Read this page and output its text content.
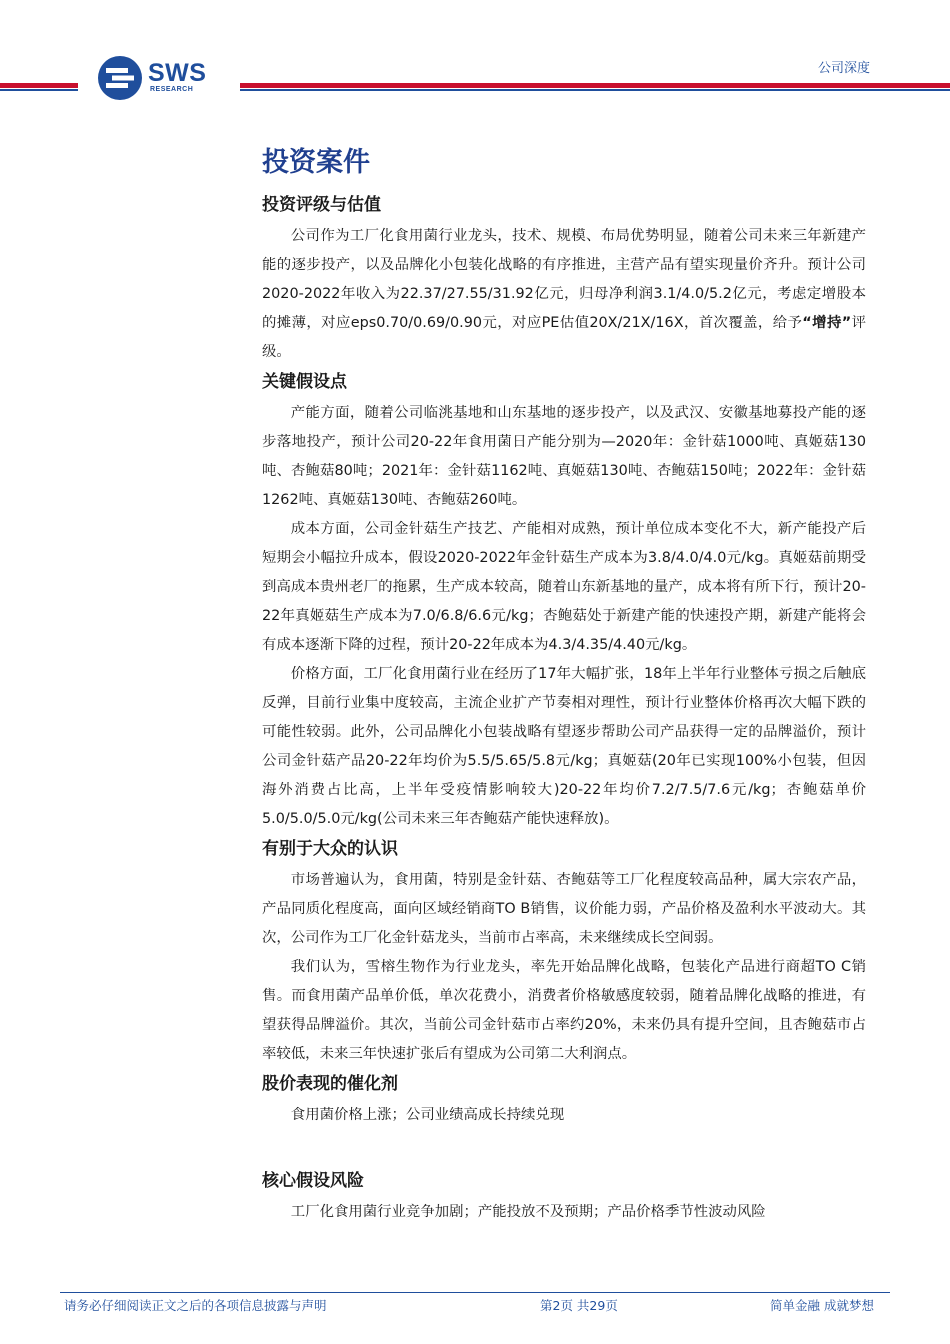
SWS
RESEARCH
公司深度
投资案件
投资评级与估值

公司作为工厂化食用菌行业龙头，技术、规模、布局优势明显，随着公司未来三年新建产能的逐步投产，以及品牌化小包装化战略的有序推进，主营产品有望实现量价齐升。预计公司2020-2022年收入为22.37/27.55/31.92亿元，归母净利润3.1/4.0/5.2亿元，考虑定增股本的摊薄，对应eps0.70/0.69/0.90元，对应PE估值20X/21X/16X，首次覆盖，给予“增持”评级。

关键假设点

产能方面，随着公司临洮基地和山东基地的逐步投产，以及武汉、安徽基地募投产能的逐步落地投产，预计公司20-22年食用菌日产能分别为—2020年：金针菇1000吨、真姬菇130吨、杏鲍菇80吨；2021年：金针菇1162吨、真姬菇130吨、杏鲍菇150吨；2022年：金针菇1262吨、真姬菇130吨、杏鲍菇260吨。

成本方面，公司金针菇生产技艺、产能相对成熟，预计单位成本变化不大，新产能投产后短期会小幅拉升成本，假设2020-2022年金针菇生产成本为3.8/4.0/4.0元/kg。真姬菇前期受到高成本贵州老厂的拖累，生产成本较高，随着山东新基地的量产，成本将有所下行，预计20-22年真姬菇生产成本为7.0/6.8/6.6元/kg；杏鲍菇处于新建产能的快速投产期，新建产能将会有成本逐渐下降的过程，预计20-22年成本为4.3/4.35/4.40元/kg。

价格方面，工厂化食用菌行业在经历了17年大幅扩张，18年上半年行业整体亏损之后触底反弹，目前行业集中度较高，主流企业扩产节奏相对理性，预计行业整体价格再次大幅下跌的可能性较弱。此外，公司品牌化小包装战略有望逐步帮助公司产品获得一定的品牌溢价，预计公司金针菇产品20-22年均价为5.5/5.65/5.8元/kg；真姬菇(20年已实现100%小包装，但因海外消费占比高，上半年受疫情影响较大)20-22年均价7.2/7.5/7.6元/kg；杏鲍菇单价5.0/5.0/5.0元/kg(公司未来三年杏鲍菇产能快速释放)。

有别于大众的认识

市场普遍认为，食用菌，特别是金针菇、杏鲍菇等工厂化程度较高品种，属大宗农产品，产品同质化程度高，面向区域经销商TO B销售，议价能力弱，产品价格及盈利水平波动大。其次，公司作为工厂化金针菇龙头，当前市占率高，未来继续成长空间弱。

我们认为，雪榕生物作为行业龙头，率先开始品牌化战略，包装化产品进行商超TO C销售。而食用菌产品单价低，单次花费小，消费者价格敏感度较弱，随着品牌化战略的推进，有望获得品牌溢价。其次，当前公司金针菇市占率约20%，未来仍具有提升空间，且杏鲍菇市占率较低，未来三年快速扩张后有望成为公司第二大利润点。

股价表现的催化剂
食用菌价格上涨；公司业绩高成长持续兑现
核心假设风险
工厂化食用菌行业竞争加剧；产能投放不及预期；产品价格季节性波动风险
请务必仔细阅读正文之后的各项信息披露与声明	第2页 共29页	简单金融 成就梦想
